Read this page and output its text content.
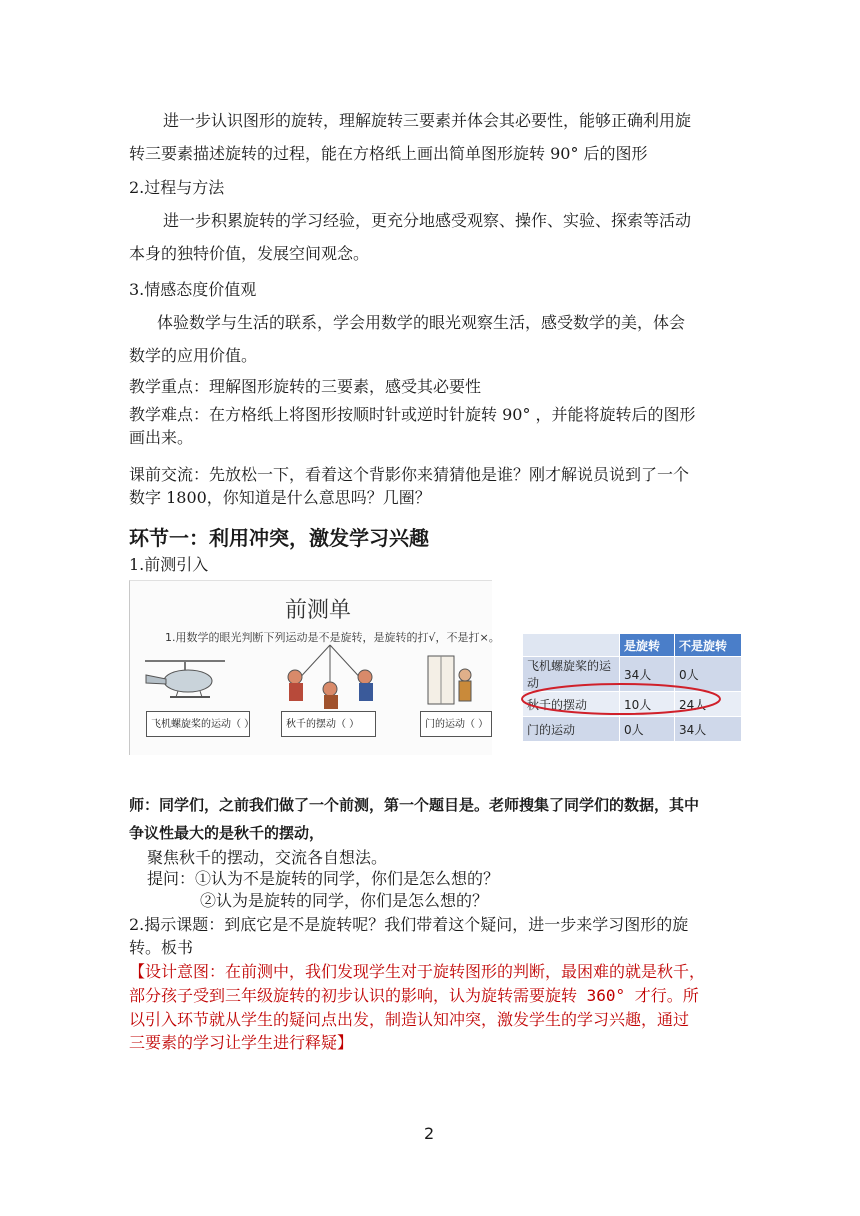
进一步认识图形的旋转，理解旋转三要素并体会其必要性，能够正确利用旋
转三要素描述旋转的过程，能在方格纸上画出简单图形旋转 90° 后的图形
2.过程与方法
进一步积累旋转的学习经验，更充分地感受观察、操作、实验、探索等活动
本身的独特价值，发展空间观念。
3.情感态度价值观
体验数学与生活的联系，学会用数学的眼光观察生活，感受数学的美，体会
数学的应用价值。
教学重点：理解图形旋转的三要素，感受其必要性
教学难点：在方格纸上将图形按顺时针或逆时针旋转 90° ，并能将旋转后的图形
画出来。
课前交流：先放松一下，看着这个背影你来猜猜他是谁？刚才解说员说到了一个
数字 1800，你知道是什么意思吗？几圈？
环节一：利用冲突，激发学习兴趣
1.前测引入
前测单
1.用数学的眼光判断下列运动是不是旋转，是旋转的打√，不是打×。
飞机螺旋桨的运动（ ）	秋千的摆动（ ）	门的运动（ ）
	是旋转	不是旋转
飞机螺旋桨的运动	34人	0人
秋千的摆动	10人	24人
门的运动	0人	34人
师：同学们，之前我们做了一个前测，第一个题目是。老师搜集了同学们的数据，其中
争议性最大的是秋千的摆动，
聚焦秋千的摆动，交流各自想法。
提问：①认为不是旋转的同学，你们是怎么想的？
②认为是旋转的同学，你们是怎么想的？
2.揭示课题：到底它是不是旋转呢？我们带着这个疑问，进一步来学习图形的旋
转。板书
【设计意图：在前测中，我们发现学生对于旋转图形的判断，最困难的就是秋千，
部分孩子受到三年级旋转的初步认识的影响，认为旋转需要旋转 360° 才行。所
以引入环节就从学生的疑问点出发，制造认知冲突，激发学生的学习兴趣，通过
三要素的学习让学生进行释疑】
2
